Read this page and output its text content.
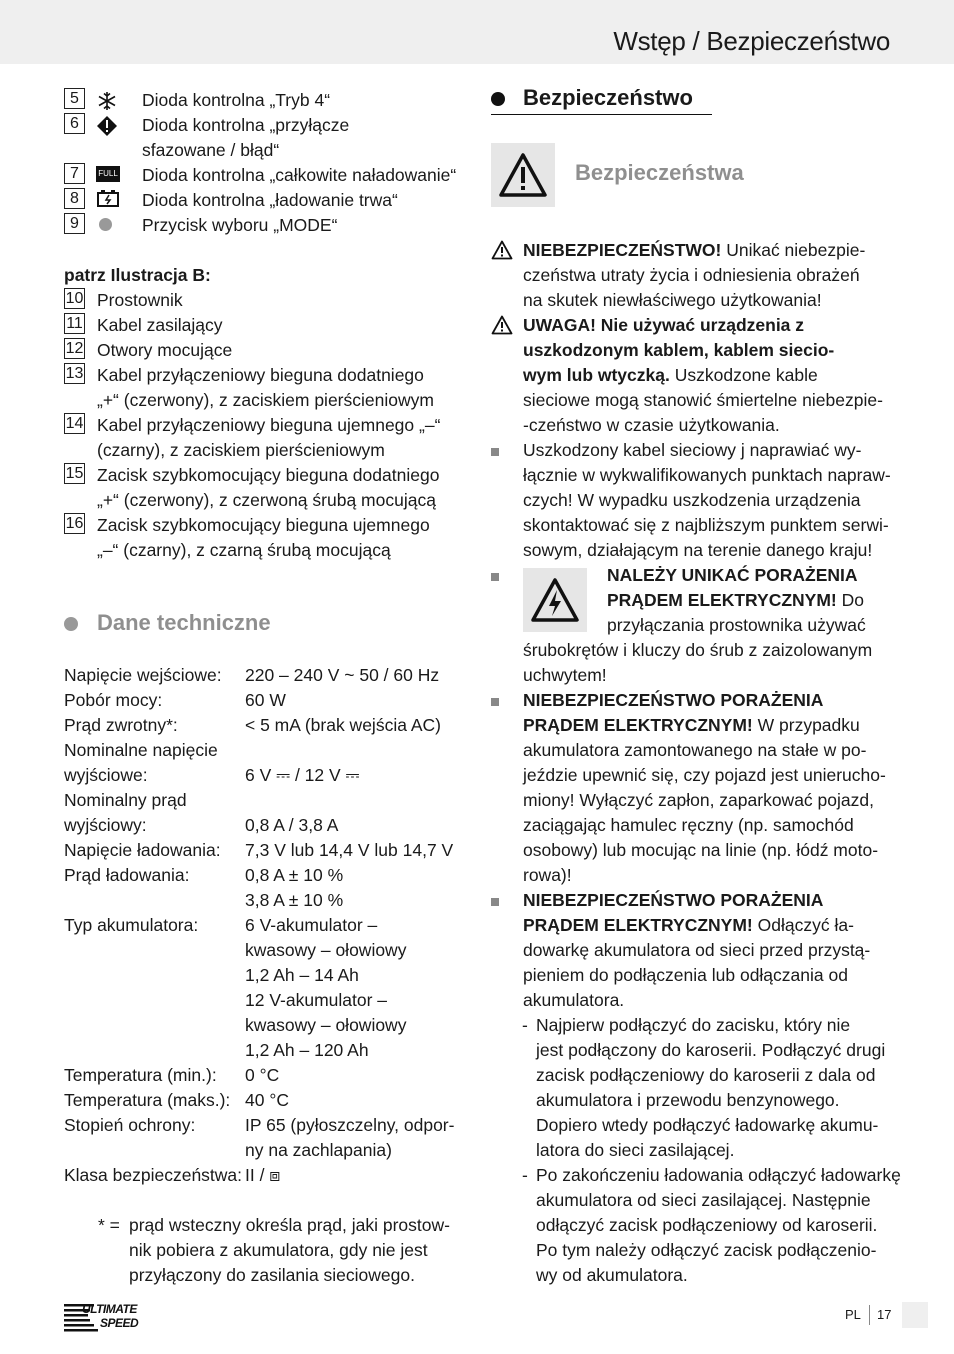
Wstęp / Bezpieczeństwo
5	Dioda kontrolna „Tryb 4“
6	Dioda kontrolna „przyłącze
sfazowane / błąd“
7	FULL Dioda kontrolna „całkowite naładowanie“
8	Dioda kontrolna „ładowanie trwa“
9	Przycisk wyboru „MODE“
patrz Ilustracja B:
10 Prostownik
11 Kabel zasilający
12 Otwory mocujące
13 Kabel przyłączeniowy bieguna dodatniego
„+“ (czerwony), z zaciskiem pierścieniowym
14 Kabel przyłączeniowy bieguna ujemnego „–“
(czarny), z zaciskiem pierścieniowym
15 Zacisk szybkomocujący bieguna dodatniego
„+“ (czerwony), z czerwoną śrubą mocującą
16 Zacisk szybkomocujący bieguna ujemnego
„–“ (czarny), z czarną śrubą mocującą
Dane techniczne
Napięcie wejściowe: 220 – 240 V ~ 50 / 60 Hz
Pobór mocy:	60 W
Prąd zwrotny*:	< 5 mA (brak wejścia AC)
Nominalne napięcie
wyjściowe:	6 V ⎓ / 12 V ⎓
Nominalny prąd
wyjściowy:	0,8 A / 3,8 A
Napięcie ładowania: 7,3 V lub 14,4 V lub 14,7 V
Prąd ładowania:	0,8 A ± 10 %
3,8 A ± 10 %
Typ akumulatora:	6 V-akumulator –
kwasowy – ołowiowy
1,2 Ah – 14 Ah
12 V-akumulator –
kwasowy – ołowiowy
1,2 Ah – 120 Ah
Temperatura (min.): 0 °C
Temperatura (maks.): 40 °C
Stopień ochrony:	IP 65 (pyłoszczelny, odpor-
ny na zachlapania)
Klasa bezpieczeństwa: II / ⧈
* = prąd wsteczny określa prąd, jaki prostow-
nik pobiera z akumulatora, gdy nie jest
przyłączony do zasilania sieciowego.
Bezpieczeństwo
Bezpieczeństwa
NIEBEZPIECZEŃSTWO! Unikać niebezpie-
czeństwa utraty życia i odniesienia obrażeń
na skutek niewłaściwego użytkowania!
UWAGA! Nie używać urządzenia z
uszkodzonym kablem, kablem sieciо-
wym lub wtyczką. Uszkodzone kable
sieciowe mogą stanowić śmiertelne niebezpie-
-czeństwo w czasie użytkowania.
Uszkodzony kabel sieciowy j naprawiać wy-
łącznie w wykwalifikowanych punktach napraw-
czych! W wypadku uszkodzenia urządzenia
skontaktować się z najbliższym punktem serwi-
sowym, działającym na terenie danego kraju!
NALEŻY UNIKAĆ PORAŻENIA
PRĄDEM ELEKTRYCZNYM! Do
przyłączania prostownika używać
śrubokrętów i kluczy do śrub z zaizolowanym
uchwytem!
NIEBEZPIECZEŃSTWO PORAŻENIA
PRĄDEM ELEKTRYCZNYM! W przypadku
akumulatora zamontowanego na stałe w po-
jeździe upewnić się, czy pojazd jest unierucho-
miony! Wyłączyć zapłon, zaparkować pojazd,
zaciągając hamulec ręczny (np. samochód
osobowy) lub mocując na linie (np. łódź moto-
rowa)!
NIEBEZPIECZEŃSTWO PORAŻENIA
PRĄDEM ELEKTRYCZNYM! Odłączyć ła-
dowarkę akumulatora od sieci przed przystą-
pieniem do podłączenia lub odłączania od
akumulatora.
- Najpierw podłączyć do zacisku, który nie
jest podłączony do karoserii. Podłączyć drugi
zacisk podłączeniowy do karoserii z dala od
akumulatora i przewodu benzynowego.
Dopiero wtedy podłączyć ładowarkę akumu-
latora do sieci zasilającej.
- Po zakończeniu ładowania odłączyć ładowarkę
akumulatora od sieci zasilającej. Następnie
odłączyć zacisk podłączeniowy od karoserii.
Po tym należy odłączyć zacisk podłączenio-
wy od akumulatora.
ULTIMATE
SPEED
PL 17
